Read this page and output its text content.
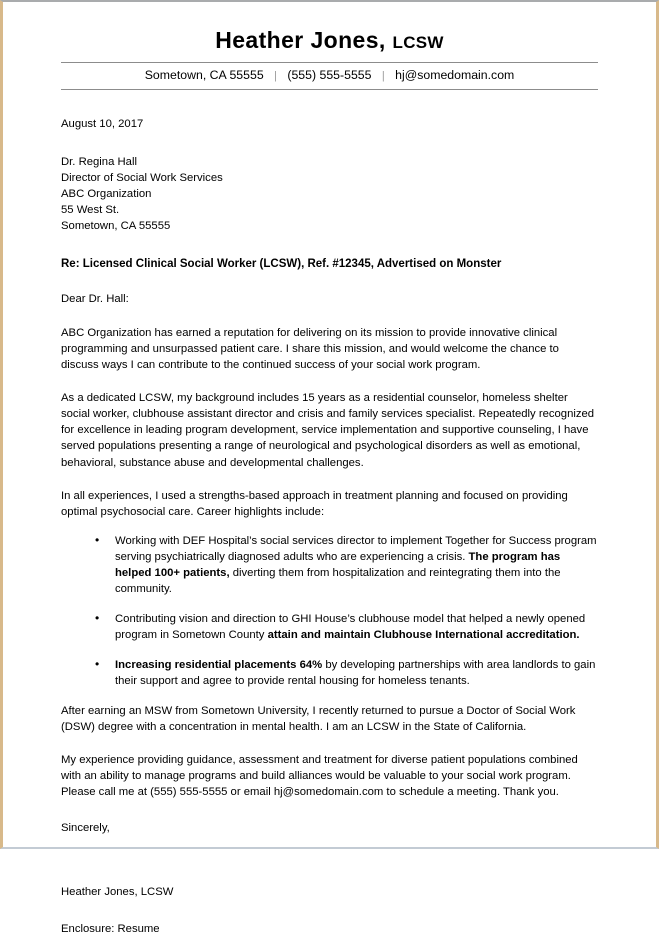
Heather Jones, LCSW
Sometown, CA 55555 | (555) 555-5555 | hj@somedomain.com
August 10, 2017
Dr. Regina Hall
Director of Social Work Services
ABC Organization
55 West St.
Sometown, CA 55555
Re: Licensed Clinical Social Worker (LCSW), Ref. #12345, Advertised on Monster
Dear Dr. Hall:

ABC Organization has earned a reputation for delivering on its mission to provide innovative clinical programming and unsurpassed patient care. I share this mission, and would welcome the chance to discuss ways I can contribute to the continued success of your social work program.

As a dedicated LCSW, my background includes 15 years as a residential counselor, homeless shelter social worker, clubhouse assistant director and crisis and family services specialist. Repeatedly recognized for excellence in leading program development, service implementation and supportive counseling, I have served populations presenting a range of neurological and psychological disorders as well as emotional, behavioral, substance abuse and developmental challenges.

In all experiences, I used a strengths-based approach in treatment planning and focused on providing optimal psychosocial care. Career highlights include:

• Working with DEF Hospital’s social services director to implement Together for Success program serving psychiatrically diagnosed adults who are experiencing a crisis. The program has helped 100+ patients, diverting them from hospitalization and reintegrating them into the community.
• Contributing vision and direction to GHI House’s clubhouse model that helped a newly opened program in Sometown County attain and maintain Clubhouse International accreditation.
• Increasing residential placements 64% by developing partnerships with area landlords to gain their support and agree to provide rental housing for homeless tenants.

After earning an MSW from Sometown University, I recently returned to pursue a Doctor of Social Work (DSW) degree with a concentration in mental health. I am an LCSW in the State of California.

My experience providing guidance, assessment and treatment for diverse patient populations combined with an ability to manage programs and build alliances would be valuable to your social work program. Please call me at (555) 555-5555 or email hj@somedomain.com to schedule a meeting. Thank you.

Sincerely,
Heather Jones, LCSW
Enclosure: Resume
